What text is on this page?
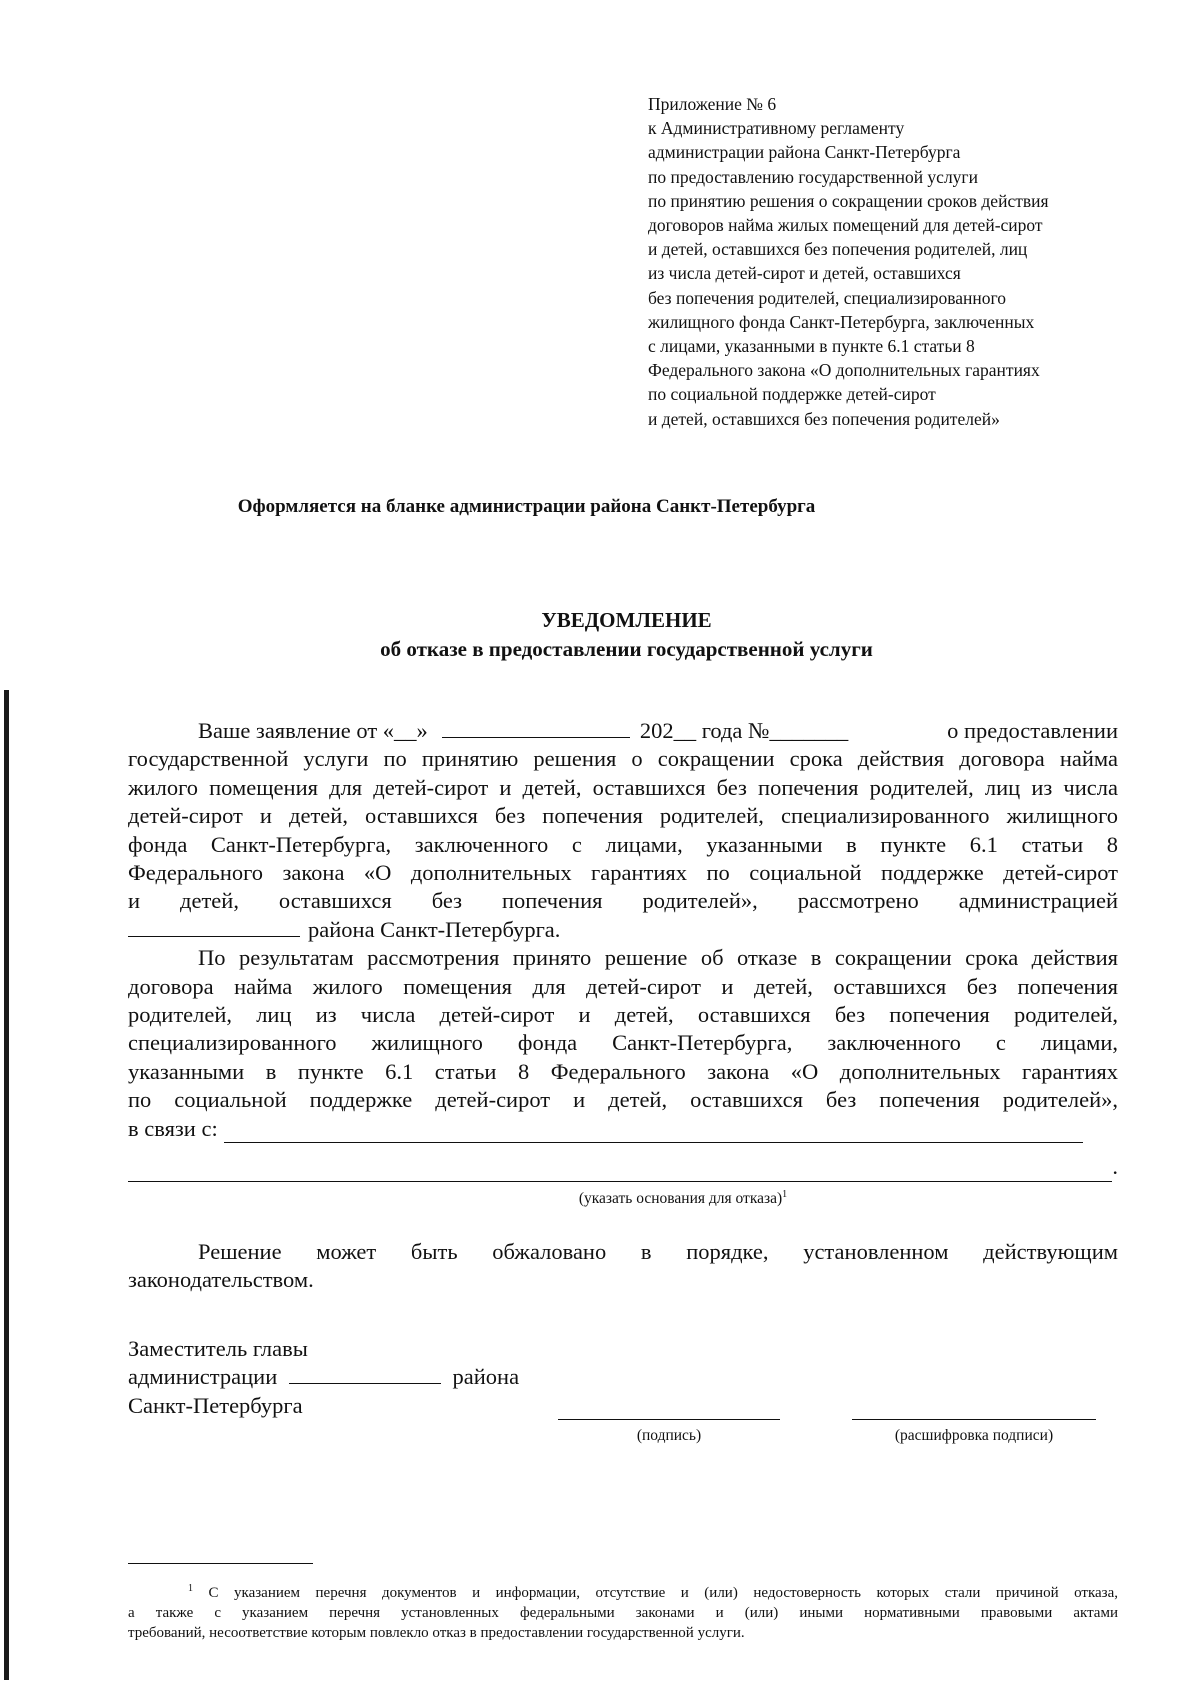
Приложение № 6
к Административному регламенту
администрации района Санкт-Петербурга
по предоставлению государственной услуги
по принятию решения о сокращении сроков действия
договоров найма жилых помещений для детей-сирот
и детей, оставшихся без попечения родителей, лиц
из числа детей-сирот и детей, оставшихся
без попечения родителей, специализированного
жилищного фонда Санкт-Петербурга, заключенных
с лицами, указанными в пункте 6.1 статьи 8
Федерального закона «О дополнительных гарантиях
по социальной поддержке детей-сирот
и детей, оставшихся без попечения родителей»
Оформляется на бланке администрации района Санкт-Петербурга
УВЕДОМЛЕНИЕ
об отказе в предоставлении государственной услуги
Ваше заявление от «__»	202__ года №_______	о предоставлении
государственной услуги по принятию решения о сокращении срока действия договора найма
жилого помещения для детей-сирот и детей, оставшихся без попечения родителей, лиц из числа
детей-сирот и детей, оставшихся без попечения родителей, специализированного жилищного
фонда Санкт-Петербурга, заключенного с лицами, указанными в пункте 6.1 статьи 8
Федерального закона «О дополнительных гарантиях по социальной поддержке детей-сирот
и детей, оставшихся без попечения родителей», рассмотрено администрацией
района Санкт-Петербурга.
По результатам рассмотрения принято решение об отказе в сокращении срока действия
договора найма жилого помещения для детей-сирот и детей, оставшихся без попечения
родителей, лиц из числа детей-сирот и детей, оставшихся без попечения родителей,
специализированного жилищного фонда Санкт-Петербурга, заключенного с лицами,
указанными в пункте 6.1 статьи 8 Федерального закона «О дополнительных гарантиях
по социальной поддержке детей-сирот и детей, оставшихся без попечения родителей»,
в связи с:
.
(указать основания для отказа)$^1$
Решение может быть обжаловано в порядке, установленном действующим
законодательством.
Заместитель главы
администрации	района
Санкт-Петербурга
(подпись)	(расшифровка подписи)
$^1$ С указанием перечня документов и информации, отсутствие и (или) недостоверность которых стали причиной отказа,
а также с указанием перечня установленных федеральными законами и (или) иными нормативными правовыми актами
требований, несоответствие которым повлекло отказ в предоставлении государственной услуги.
